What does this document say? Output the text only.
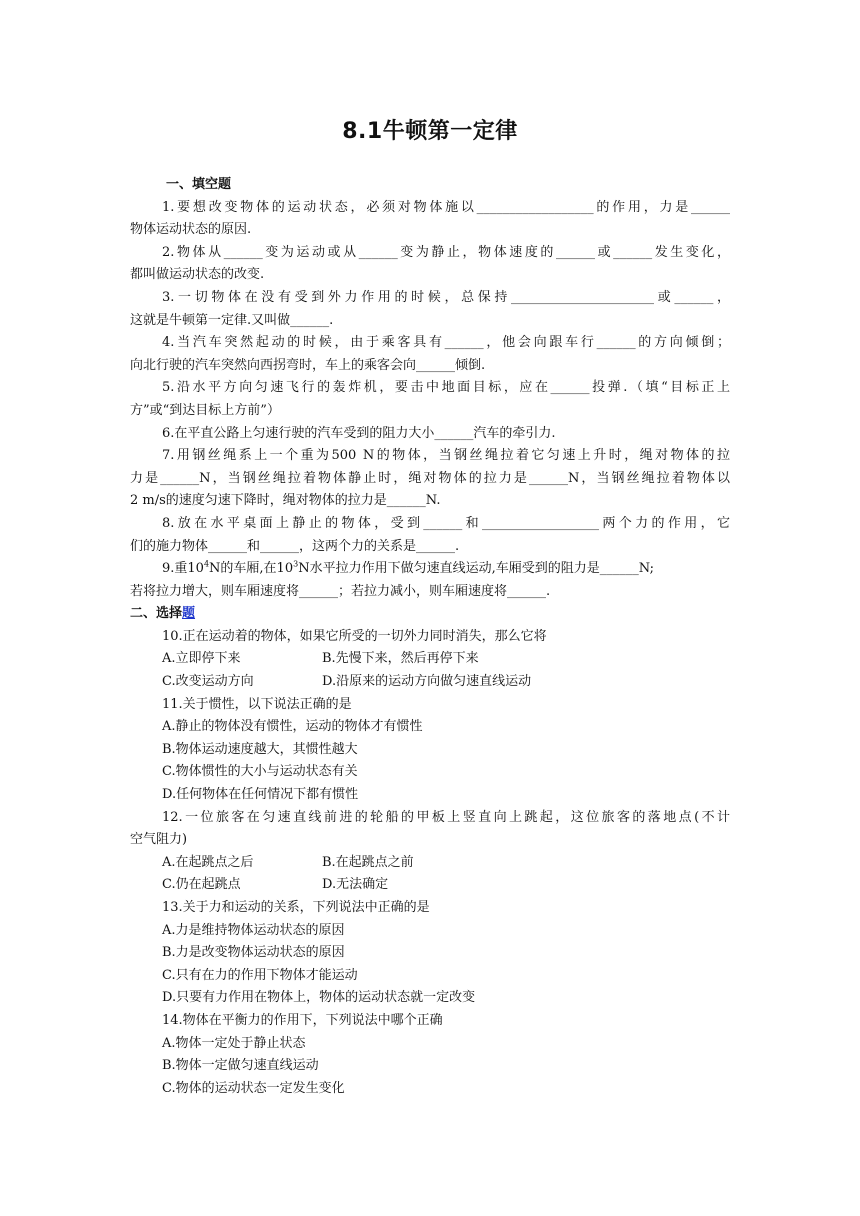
8.1牛顿第一定律
一、填空题
1.要想改变物体的运动状态，必须对物体施以__________________的作用，力是______
物体运动状态的原因.
2.物体从______变为运动或从______变为静止，物体速度的______或______发生变化，
都叫做运动状态的改变.
3.一切物体在没有受到外力作用的时候，总保持______________________或______，
这就是牛顿第一定律.又叫做______.
4.当汽车突然起动的时候，由于乘客具有______，他会向跟车行______的方向倾倒；
向北行驶的汽车突然向西拐弯时，车上的乘客会向______倾倒.
5.沿水平方向匀速飞行的轰炸机，要击中地面目标，应在______投弹.（填“目标正上
方”或“到达目标上方前”）
6.在平直公路上匀速行驶的汽车受到的阻力大小______汽车的牵引力.
7.用钢丝绳系上一个重为500 N的物体，当钢丝绳拉着它匀速上升时，绳对物体的拉
力是______N，当钢丝绳拉着物体静止时，绳对物体的拉力是______N，当钢丝绳拉着物体以
2 m/s的速度匀速下降时，绳对物体的拉力是______N.
8.放在水平桌面上静止的物体，受到______和__________________两个力的作用，它
们的施力物体______和______，这两个力的关系是______.
9.重$10^4N$的车厢,在$10^3N$水平拉力作用下做匀速直线运动,车厢受到的阻力是______N;
若将拉力增大，则车厢速度将______；若拉力减小，则车厢速度将______.
二、选择题
10.正在运动着的物体，如果它所受的一切外力同时消失，那么它将
A.立即停下来	B.先慢下来，然后再停下来
C.改变运动方向	D.沿原来的运动方向做匀速直线运动
11.关于惯性，以下说法正确的是
A.静止的物体没有惯性，运动的物体才有惯性
B.物体运动速度越大，其惯性越大
C.物体惯性的大小与运动状态有关
D.任何物体在任何情况下都有惯性
12.一位旅客在匀速直线前进的轮船的甲板上竖直向上跳起，这位旅客的落地点(不计
空气阻力)
A.在起跳点之后	B.在起跳点之前
C.仍在起跳点	D.无法确定
13.关于力和运动的关系，下列说法中正确的是
A.力是维持物体运动状态的原因
B.力是改变物体运动状态的原因
C.只有在力的作用下物体才能运动
D.只要有力作用在物体上，物体的运动状态就一定改变
14.物体在平衡力的作用下，下列说法中哪个正确
A.物体一定处于静止状态
B.物体一定做匀速直线运动
C.物体的运动状态一定发生变化
